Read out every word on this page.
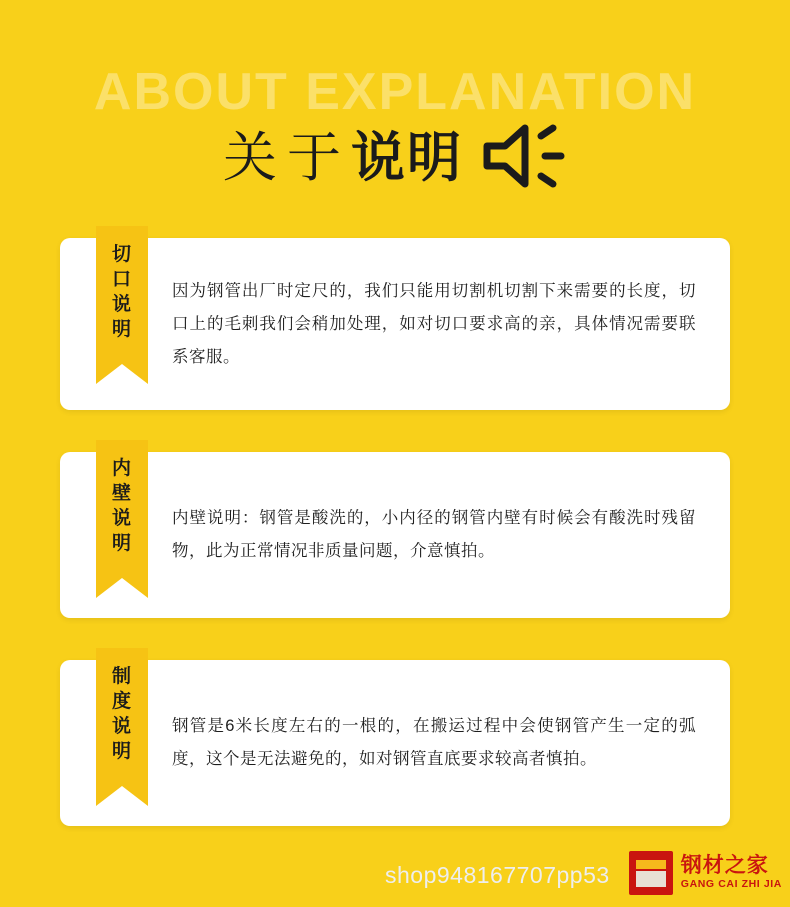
ABOUT EXPLANATION
关于 说明
切
口
说
明
因为钢管出厂时定尺的，我们只能用切割机切割下来需要的长度，切口上的毛刺我们会稍加处理，如对切口要求高的亲，具体情况需要联系客服。
内
壁
说
明
内壁说明：钢管是酸洗的，小内径的钢管内壁有时候会有酸洗时残留物，此为正常情况非质量问题，介意慎拍。
制
度
说
明
钢管是6米长度左右的一根的，在搬运过程中会使钢管产生一定的弧度，这个是无法避免的，如对钢管直底要求较高者慎拍。
shop948167707pp53	钢材之家
GANG CAI ZHI JIA
